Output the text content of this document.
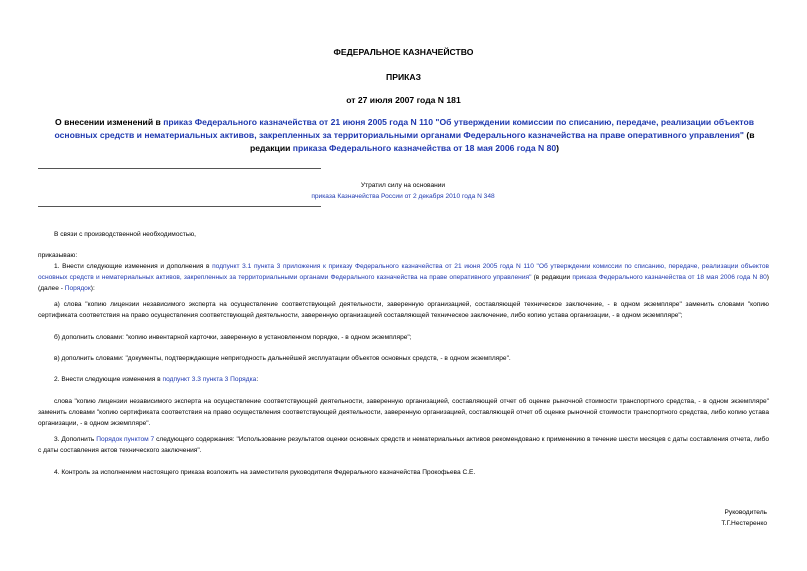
ФЕДЕРАЛЬНОЕ КАЗНАЧЕЙСТВО
ПРИКАЗ
от 27 июля 2007 года N 181
О внесении изменений в приказ Федерального казначейства от 21 июня 2005 года N 110 "Об утверждении комиссии по списанию, передаче, реализации объектов основных средств и нематериальных активов, закрепленных за территориальными органами Федерального казначейства на праве оперативного управления" (в редакции приказа Федерального казначейства от 18 мая 2006 года N 80)
Утратил силу на основании
приказа Казначейства России от 2 декабря 2010 года N 348
В связи с производственной необходимостью,
приказываю:
1. Внести следующие изменения и дополнения в подпункт 3.1 пункта 3 приложения к приказу Федерального казначейства от 21 июня 2005 года N 110 "Об утверждении комиссии по списанию, передаче, реализации объектов основных средств и нематериальных активов, закрепленных за территориальными органами Федерального казначейства на праве оперативного управления" (в редакции приказа Федерального казначейства от 18 мая 2006 года N 80) (далее - Порядок):
а) слова "копию лицензии независимого эксперта на осуществление соответствующей деятельности, заверенную организацией, составляющей техническое заключение, - в одном экземпляре" заменить словами "копию сертификата соответствия на право осуществления соответствующей деятельности, заверенную организацией составляющей техническое заключение, либо копию устава организации, - в одном экземпляре";
б) дополнить словами: "копию инвентарной карточки, заверенную в установленном порядке, - в одном экземпляре";
в) дополнить словами: "документы, подтверждающие непригодность дальнейшей эксплуатации объектов основных средств, - в одном экземпляре".
2. Внести следующие изменения в подпункт 3.3 пункта 3 Порядка:
слова "копию лицензии независимого эксперта на осуществление соответствующей деятельности, заверенную организацией, составляющей отчет об оценке рыночной стоимости транспортного средства, - в одном экземпляре" заменить словами "копию сертификата соответствия на право осуществления соответствующей деятельности, заверенную организацией, составляющей отчет об оценке рыночной стоимости транспортного средства, либо копию устава организации, - в одном экземпляре".
3. Дополнить Порядок пунктом 7 следующего содержания: "Использование результатов оценки основных средств и нематериальных активов рекомендовано к применению в течение шести месяцев с даты составления отчета, либо с даты составления актов технического заключения".
4. Контроль за исполнением настоящего приказа возложить на заместителя руководителя Федерального казначейства Прокофьева С.Е.
Руководитель
Т.Г.Нестеренко
